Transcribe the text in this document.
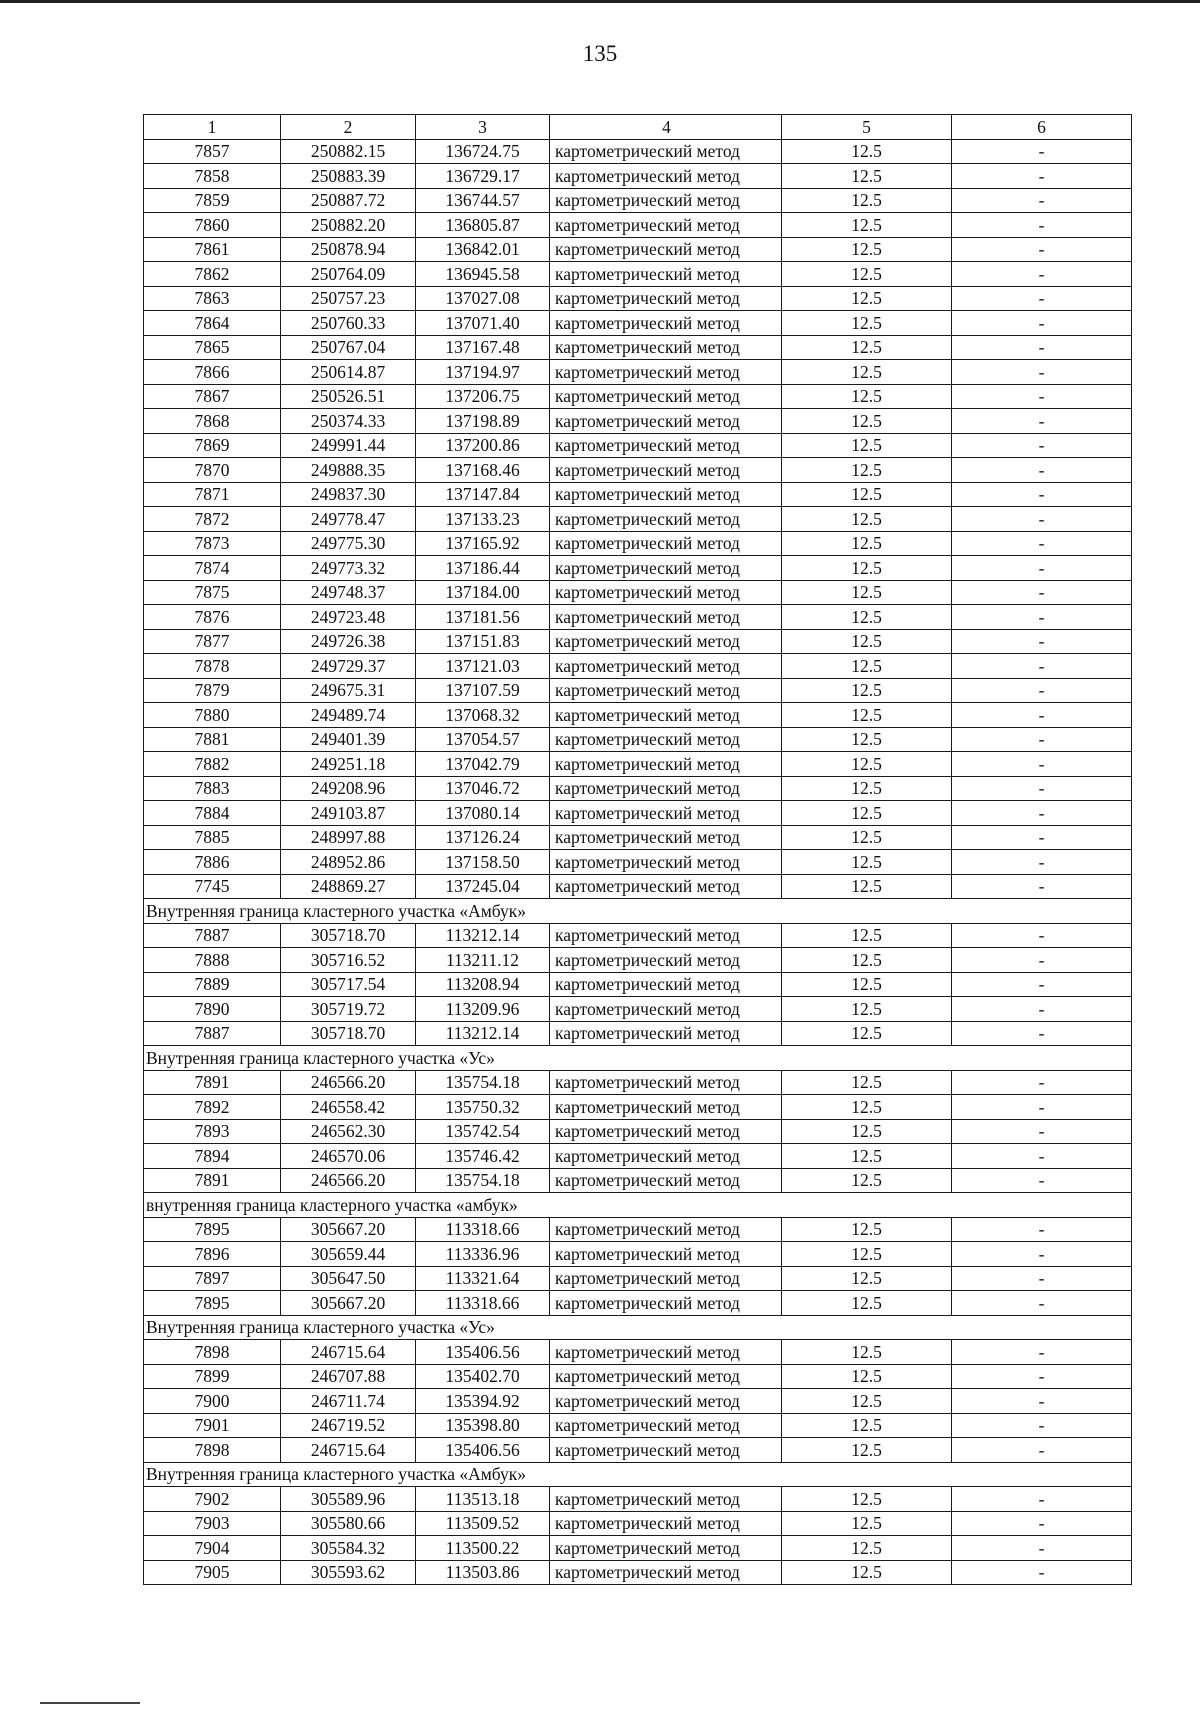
135
1	2	3	4	5	6
7857	250882.15	136724.75	картометрический метод	12.5	-
7858	250883.39	136729.17	картометрический метод	12.5	-
7859	250887.72	136744.57	картометрический метод	12.5	-
7860	250882.20	136805.87	картометрический метод	12.5	-
7861	250878.94	136842.01	картометрический метод	12.5	-
7862	250764.09	136945.58	картометрический метод	12.5	-
7863	250757.23	137027.08	картометрический метод	12.5	-
7864	250760.33	137071.40	картометрический метод	12.5	-
7865	250767.04	137167.48	картометрический метод	12.5	-
7866	250614.87	137194.97	картометрический метод	12.5	-
7867	250526.51	137206.75	картометрический метод	12.5	-
7868	250374.33	137198.89	картометрический метод	12.5	-
7869	249991.44	137200.86	картометрический метод	12.5	-
7870	249888.35	137168.46	картометрический метод	12.5	-
7871	249837.30	137147.84	картометрический метод	12.5	-
7872	249778.47	137133.23	картометрический метод	12.5	-
7873	249775.30	137165.92	картометрический метод	12.5	-
7874	249773.32	137186.44	картометрический метод	12.5	-
7875	249748.37	137184.00	картометрический метод	12.5	-
7876	249723.48	137181.56	картометрический метод	12.5	-
7877	249726.38	137151.83	картометрический метод	12.5	-
7878	249729.37	137121.03	картометрический метод	12.5	-
7879	249675.31	137107.59	картометрический метод	12.5	-
7880	249489.74	137068.32	картометрический метод	12.5	-
7881	249401.39	137054.57	картометрический метод	12.5	-
7882	249251.18	137042.79	картометрический метод	12.5	-
7883	249208.96	137046.72	картометрический метод	12.5	-
7884	249103.87	137080.14	картометрический метод	12.5	-
7885	248997.88	137126.24	картометрический метод	12.5	-
7886	248952.86	137158.50	картометрический метод	12.5	-
7745	248869.27	137245.04	картометрический метод	12.5	-
Внутренняя граница кластерного участка «Амбук»					
7887	305718.70	113212.14	картометрический метод	12.5	-
7888	305716.52	113211.12	картометрический метод	12.5	-
7889	305717.54	113208.94	картометрический метод	12.5	-
7890	305719.72	113209.96	картометрический метод	12.5	-
7887	305718.70	113212.14	картометрический метод	12.5	-
Внутренняя граница кластерного участка «Ус»					
7891	246566.20	135754.18	картометрический метод	12.5	-
7892	246558.42	135750.32	картометрический метод	12.5	-
7893	246562.30	135742.54	картометрический метод	12.5	-
7894	246570.06	135746.42	картометрический метод	12.5	-
7891	246566.20	135754.18	картометрический метод	12.5	-
внутренняя граница кластерного участка «амбук»					
7895	305667.20	113318.66	картометрический метод	12.5	-
7896	305659.44	113336.96	картометрический метод	12.5	-
7897	305647.50	113321.64	картометрический метод	12.5	-
7895	305667.20	113318.66	картометрический метод	12.5	-
Внутренняя граница кластерного участка «Ус»					
7898	246715.64	135406.56	картометрический метод	12.5	-
7899	246707.88	135402.70	картометрический метод	12.5	-
7900	246711.74	135394.92	картометрический метод	12.5	-
7901	246719.52	135398.80	картометрический метод	12.5	-
7898	246715.64	135406.56	картометрический метод	12.5	-
Внутренняя граница кластерного участка «Амбук»					
7902	305589.96	113513.18	картометрический метод	12.5	-
7903	305580.66	113509.52	картометрический метод	12.5	-
7904	305584.32	113500.22	картометрический метод	12.5	-
7905	305593.62	113503.86	картометрический метод	12.5	-
